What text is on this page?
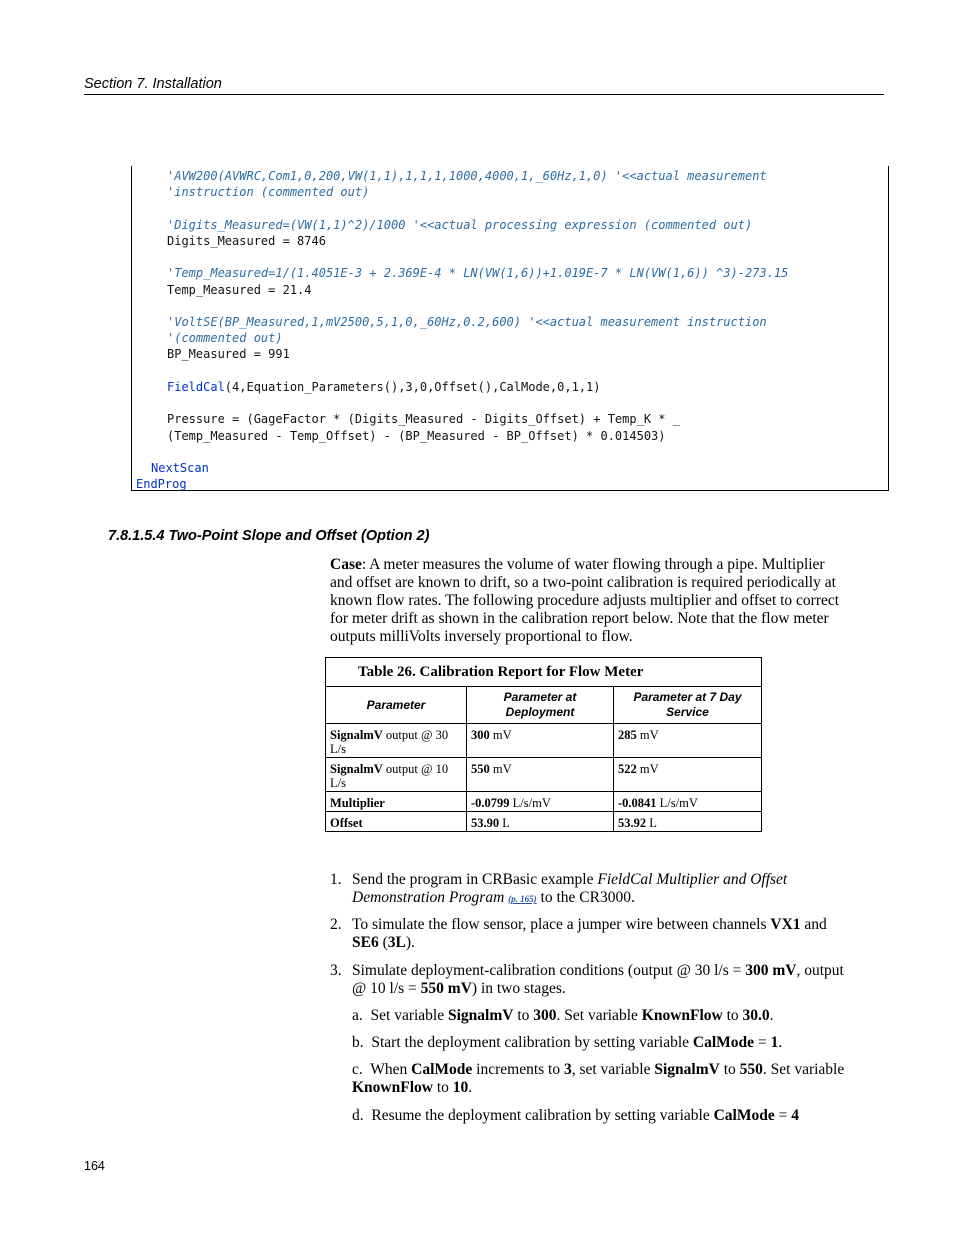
Section 7. Installation
'AVW200(AVWRC,Com1,0,200,VW(1,1),1,1,1,1000,4000,1,_60Hz,1,0) '<<actual measurement
'instruction (commented out)
'Digits_Measured=(VW(1,1)^2)/1000 '<<actual processing expression (commented out)
Digits_Measured = 8746
'Temp_Measured=1/(1.4051E-3 + 2.369E-4 * LN(VW(1,6))+1.019E-7 * LN(VW(1,6)) ^3)-273.15
Temp_Measured = 21.4
'VoltSE(BP_Measured,1,mV2500,5,1,0,_60Hz,0.2,600) '<<actual measurement instruction
'(commented out)
BP_Measured = 991
FieldCal(4,Equation_Parameters(),3,0,Offset(),CalMode,0,1,1)
Pressure = (GageFactor * (Digits_Measured - Digits_Offset) + Temp_K * _
(Temp_Measured - Temp_Offset) - (BP_Measured - BP_Offset) * 0.014503)
NextScan
EndProg
7.8.1.5.4 Two-Point Slope and Offset (Option 2)

Case: A meter measures the volume of water flowing through a pipe. Multiplier and offset are known to drift, so a two-point calibration is required periodically at known flow rates. The following procedure adjusts multiplier and offset to correct for meter drift as shown in the calibration report below. Note that the flow meter outputs milliVolts inversely proportional to flow.

Table 26. Calibration Report for Flow Meter		
Parameter	Parameter at Deployment	Parameter at 7 Day Service
SignalmV output @ 30 L/s	300 mV	285 mV
SignalmV output @ 10 L/s	550 mV	522 mV
Multiplier	-0.0799 L/s/mV	-0.0841 L/s/mV
Offset	53.90 L	53.92 L
1. Send the program in CRBasic example FieldCal Multiplier and Offset Demonstration Program (p. 165) to the CR3000.
2. To simulate the flow sensor, place a jumper wire between channels VX1 and SE6 (3L).
3. Simulate deployment-calibration conditions (output @ 30 l/s = 300 mV, output @ 10 l/s = 550 mV) in two stages.
a. Set variable SignalmV to 300. Set variable KnownFlow to 30.0.
b. Start the deployment calibration by setting variable CalMode = 1.
c. When CalMode increments to 3, set variable SignalmV to 550. Set variable KnownFlow to 10.
d. Resume the deployment calibration by setting variable CalMode = 4
164
